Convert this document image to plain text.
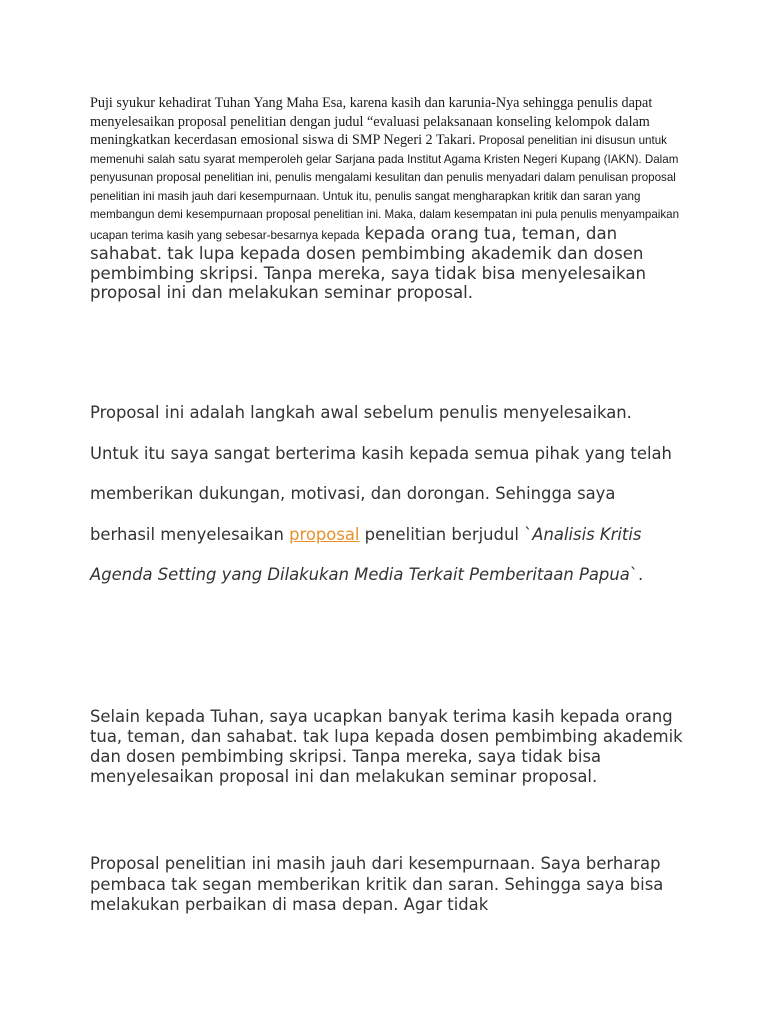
Puji syukur kehadirat Tuhan Yang Maha Esa, karena kasih dan karunia-Nya sehingga penulis dapat menyelesaikan proposal penelitian dengan judul “evaluasi pelaksanaan konseling kelompok dalam meningkatkan kecerdasan emosional siswa di SMP Negeri 2 Takari. Proposal penelitian ini disusun untuk memenuhi salah satu syarat memperoleh gelar Sarjana pada Institut Agama Kristen Negeri Kupang (IAKN). Dalam penyusunan proposal penelitian ini, penulis mengalami kesulitan dan penulis menyadari dalam penulisan proposal penelitian ini masih jauh dari kesempurnaan. Untuk itu, penulis sangat mengharapkan kritik dan saran yang membangun demi kesempurnaan proposal penelitian ini. Maka, dalam kesempatan ini pula penulis menyampaikan ucapan terima kasih yang sebesar-besarnya kepada kepada orang tua, teman, dan sahabat. tak lupa kepada dosen pembimbing akademik dan dosen pembimbing skripsi. Tanpa mereka, saya tidak bisa menyelesaikan proposal ini dan melakukan seminar proposal.

Proposal ini adalah langkah awal sebelum penulis menyelesaikan. Untuk itu saya sangat berterima kasih kepada semua pihak yang telah memberikan dukungan, motivasi, dan dorongan. Sehingga saya berhasil menyelesaikan proposal penelitian berjudul `Analisis Kritis Agenda Setting yang Dilakukan Media Terkait Pemberitaan Papua`.

Selain kepada Tuhan, saya ucapkan banyak terima kasih kepada orang tua, teman, dan sahabat. tak lupa kepada dosen pembimbing akademik dan dosen pembimbing skripsi. Tanpa mereka, saya tidak bisa menyelesaikan proposal ini dan melakukan seminar proposal.

Proposal penelitian ini masih jauh dari kesempurnaan. Saya berharap pembaca tak segan memberikan kritik dan saran. Sehingga saya bisa melakukan perbaikan di masa depan. Agar tidak
